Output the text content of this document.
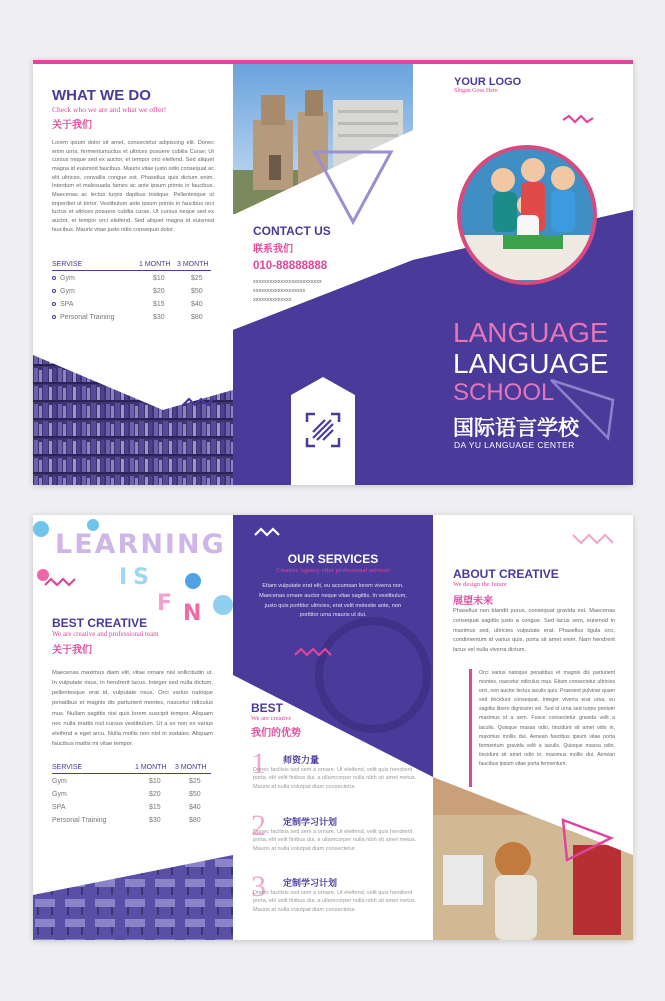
WHAT WE DO
Check who we are and what we offer!
关于我们
Lorem ipsum dolor sit amet, consectetur adipiscing elit. Donec enim urna, fermentumuctus et ultrices posuere cubilia Curae; Ut cursus neque sed ex auctor, et tempor orci eleifend. Sed aliquet magna id euismod faucibus. Mauris vitae justo odio consequat ac elit ultrices, convallis congue est. Phasellus quis dictum enim. Interdum et malesuada fames ac ante ipsum primis in faucibus. Maecenas ac lectus turpis dapibus tristique. Pellentesque ut imperdiet ut tortor. Vestibulum ante ipsum primis in faucibus orci luctus et ultrices posuere cubilia curae. Ut cursus neque sed ex auctor, et tempor orci eleifend. Sed aliquet magna id euismod faucibus. Mauris vitae justo odio consequat dolor.
SERVISE	1 MONTH	3 MONTH
Gym	$10	$25
Gym	$20	$50
SPA	$15	$40
Personal Training	$30	$80
CONTACT US
联系我们
010-88888888
xxxxxxxxxxxxxxxxxxxxxxxxx
xxxxxxxxxxxxxxxxxxx
xxxxxxxxxxxxxx
YOUR LOGO
Slogan Goes Here
LANGUAGE
LANGUAGE
SCHOOL
国际语言学校
DA YU LANGUAGE CENTER
LEARNING
IS
F N
BEST CREATIVE
We are creative and professional team
关于我们
Maecenas maximus diam elit, vitae ornare nisi sollicitudin ut. In vulputate risus, in hendrerit lacus. Integer sed nulla dictum, pellentesque erat id, vulputate risus. Orci varius natoque penatibus et magnis dis parturient montes, nascetur ridiculus mus. Nullam sagittis nisi quis lorem suscipit tempor. Aliquam nec nulla mattis nisl cursus vestibulum. Ut a ex non ex varius eleifend a eget arcu. Nulla mollis non nisl in sodales. Aliquam faucibus mattis mi vitae tempor.
SERVISE	1 MONTH	3 MONTH
Gym	$10	$25
Gym	$20	$50
SPA	$15	$40
Personal Training	$30	$80
OUR SERVICES
Creative Agency offer professional services
Etiam vulputate erat elit, eu accumsan lorem viverra non. Maecenas ornare auctor neque vitae sagittis. In vestibulum, justo quis porttitor ultricies, erat velit molestie ante, non porttitor urna mauris ut dui.
BEST
We are creative
我们的优势
1 师资力量
Donec facilisis sed sem a ornare. Ut eleifend, velit quis hendrerit porta, elit velit finibus dui, a ullamcorper nulla nibh sit amet metus. Mauris at nulla volutpat diam consectetur.
2 定制学习计划
Donec facilisis sed sem a ornare. Ut eleifend, velit quis hendrerit porta, elit velit finibus dui, a ullamcorper nulla nibh sit amet metus. Mauris at nulla volutpat diam consectetur.
3 定制学习计划
Donec facilisis sed sem a ornare. Ut eleifend, velit quis hendrerit porta, elit velit finibus dui, a ullamcorper nulla nibh sit amet metus. Mauris at nulla volutpat diam consectetur.
ABOUT CREATIVE
We design the future
展望未来
Phasellus non blandit purus, consequat gravida est. Maecenas consequat sagittis justo a congue. Sed lacus sem, euismod in maximus sed, ultricies vulputate erat. Phasellus ligula orci, condimentum id varius quis, porta sit amet enim. Nam hendrerit lacus vel nulla viverra dictum.
Orci varius natoque penatibus et magnis dis parturient montes, nascetur ridiculus mus. Etiam consectetur ultricies orci, non auctor lectus iaculis quis. Praesent pulvinar quam sed tincidunt consequat. Integer viverra erat urna, eu sagittis libero dignissim vel. Sed id urna sed turpis pretium maximus id a sem. Fusce consectetur gravida velit a iaculis. Quisque massa odio, tincidunt sit amet odio in, maximus mollis dui. Aenean faucibus ipsum vitae porta fermentum gravida velit a iaculis. Quisque massa odio, tincidunt sit amet odio in, maximus mollis dui. Aenean faucibus ipsum vitae porta fermentum.
